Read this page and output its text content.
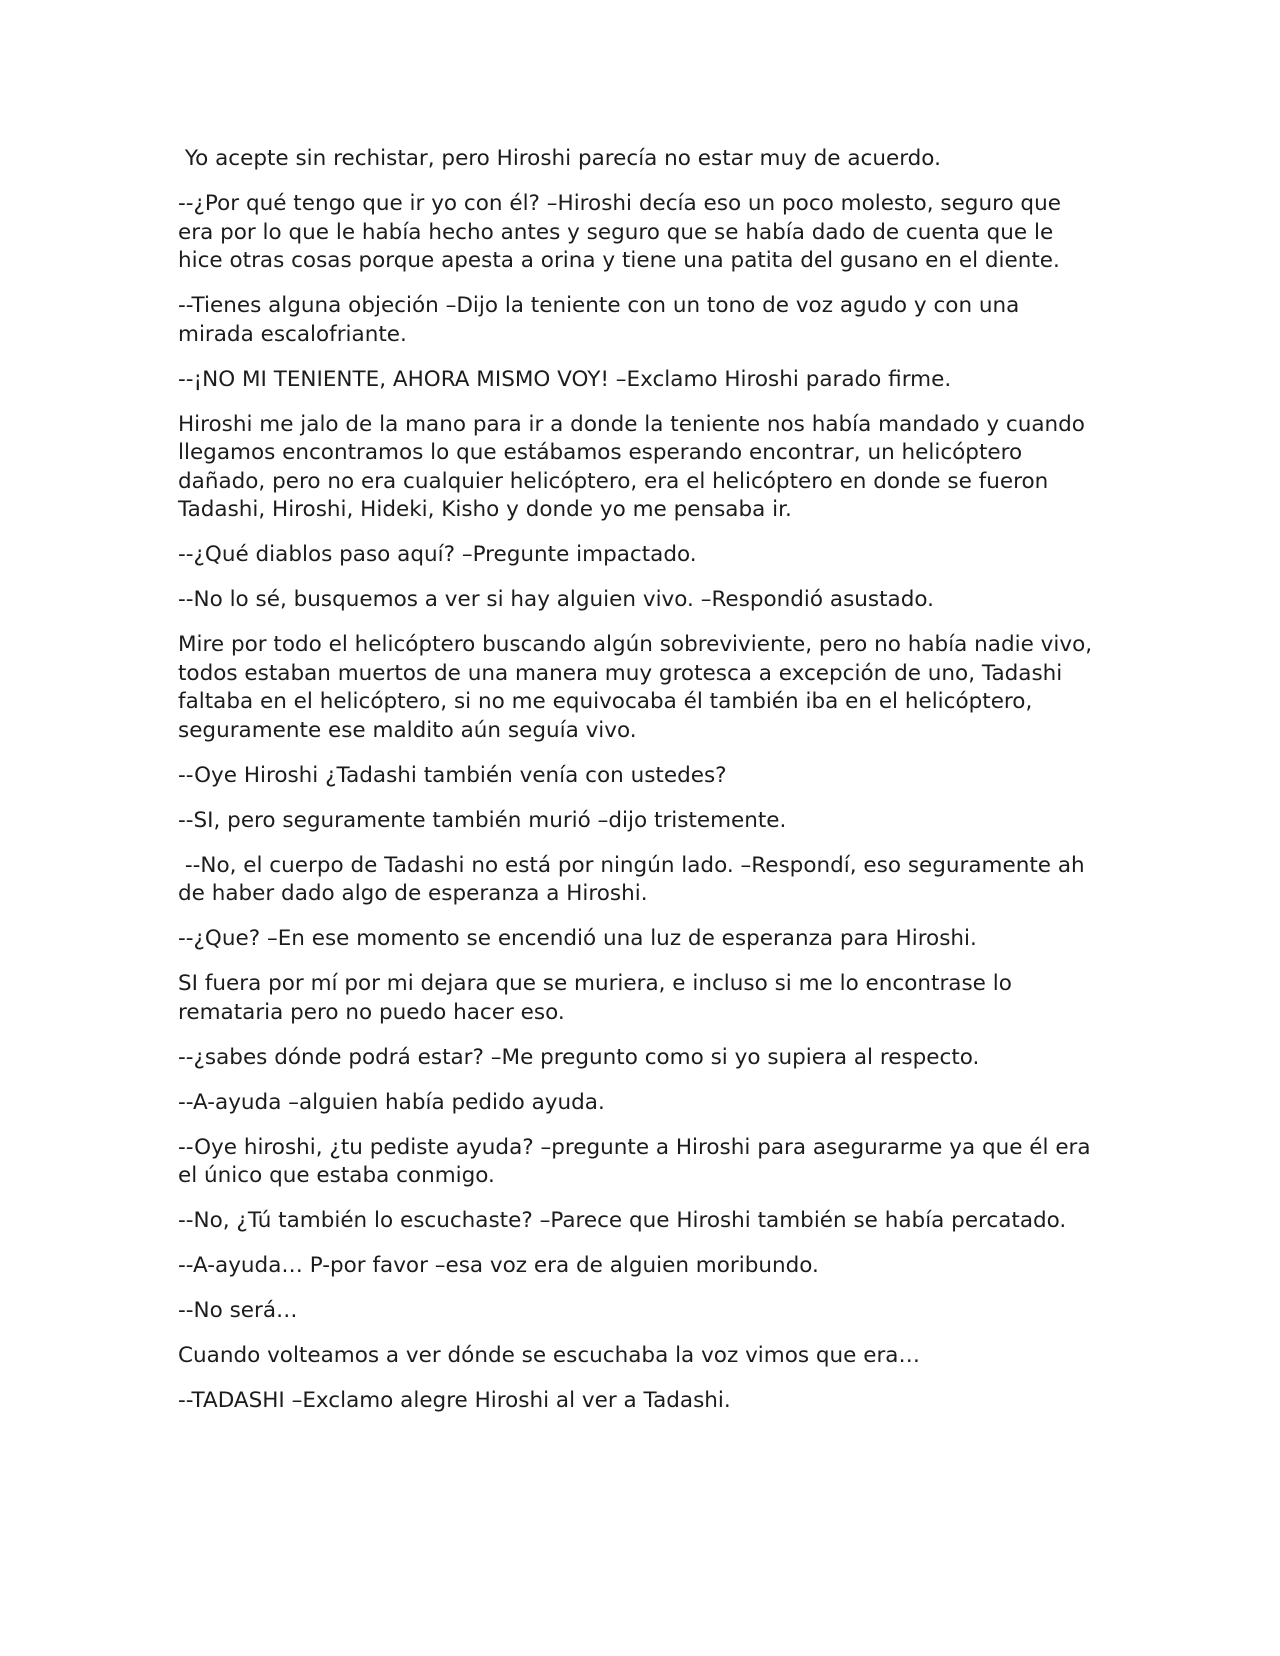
Yo acepte sin rechistar, pero Hiroshi parecía no estar muy de acuerdo.

--¿Por qué tengo que ir yo con él? –Hiroshi decía eso un poco molesto, seguro que era por lo que le había hecho antes y seguro que se había dado de cuenta que le hice otras cosas porque apesta a orina y tiene una patita del gusano en el diente.

--Tienes alguna objeción –Dijo la teniente con un tono de voz agudo y con una mirada escalofriante.

--¡NO MI TENIENTE, AHORA MISMO VOY! –Exclamo Hiroshi parado firme.

Hiroshi me jalo de la mano para ir a donde la teniente nos había mandado y cuando llegamos encontramos lo que estábamos esperando encontrar, un helicóptero dañado, pero no era cualquier helicóptero, era el helicóptero en donde se fueron Tadashi, Hiroshi, Hideki, Kisho y donde yo me pensaba ir.

--¿Qué diablos paso aquí? –Pregunte impactado.

--No lo sé, busquemos a ver si hay alguien vivo. –Respondió asustado.

Mire por todo el helicóptero buscando algún sobreviviente, pero no había nadie vivo, todos estaban muertos de una manera muy grotesca a excepción de uno, Tadashi faltaba en el helicóptero, si no me equivocaba él también iba en el helicóptero, seguramente ese maldito aún seguía vivo.

--Oye Hiroshi ¿Tadashi también venía con ustedes?

--SI, pero seguramente también murió –dijo tristemente.

--No, el cuerpo de Tadashi no está por ningún lado. –Respondí, eso seguramente ah de haber dado algo de esperanza a Hiroshi.

--¿Que? –En ese momento se encendió una luz de esperanza para Hiroshi.

SI fuera por mí por mi dejara que se muriera, e incluso si me lo encontrase lo remataria pero no puedo hacer eso.

--¿sabes dónde podrá estar? –Me pregunto como si yo supiera al respecto.

--A-ayuda –alguien había pedido ayuda.

--Oye hiroshi, ¿tu pediste ayuda? –pregunte a Hiroshi para asegurarme ya que él era el único que estaba conmigo.

--No, ¿Tú también lo escuchaste? –Parece que Hiroshi también se había percatado.

--A-ayuda… P-por favor –esa voz era de alguien moribundo.

--No será…

Cuando volteamos a ver dónde se escuchaba la voz vimos que era…

--TADASHI –Exclamo alegre Hiroshi al ver a Tadashi.
